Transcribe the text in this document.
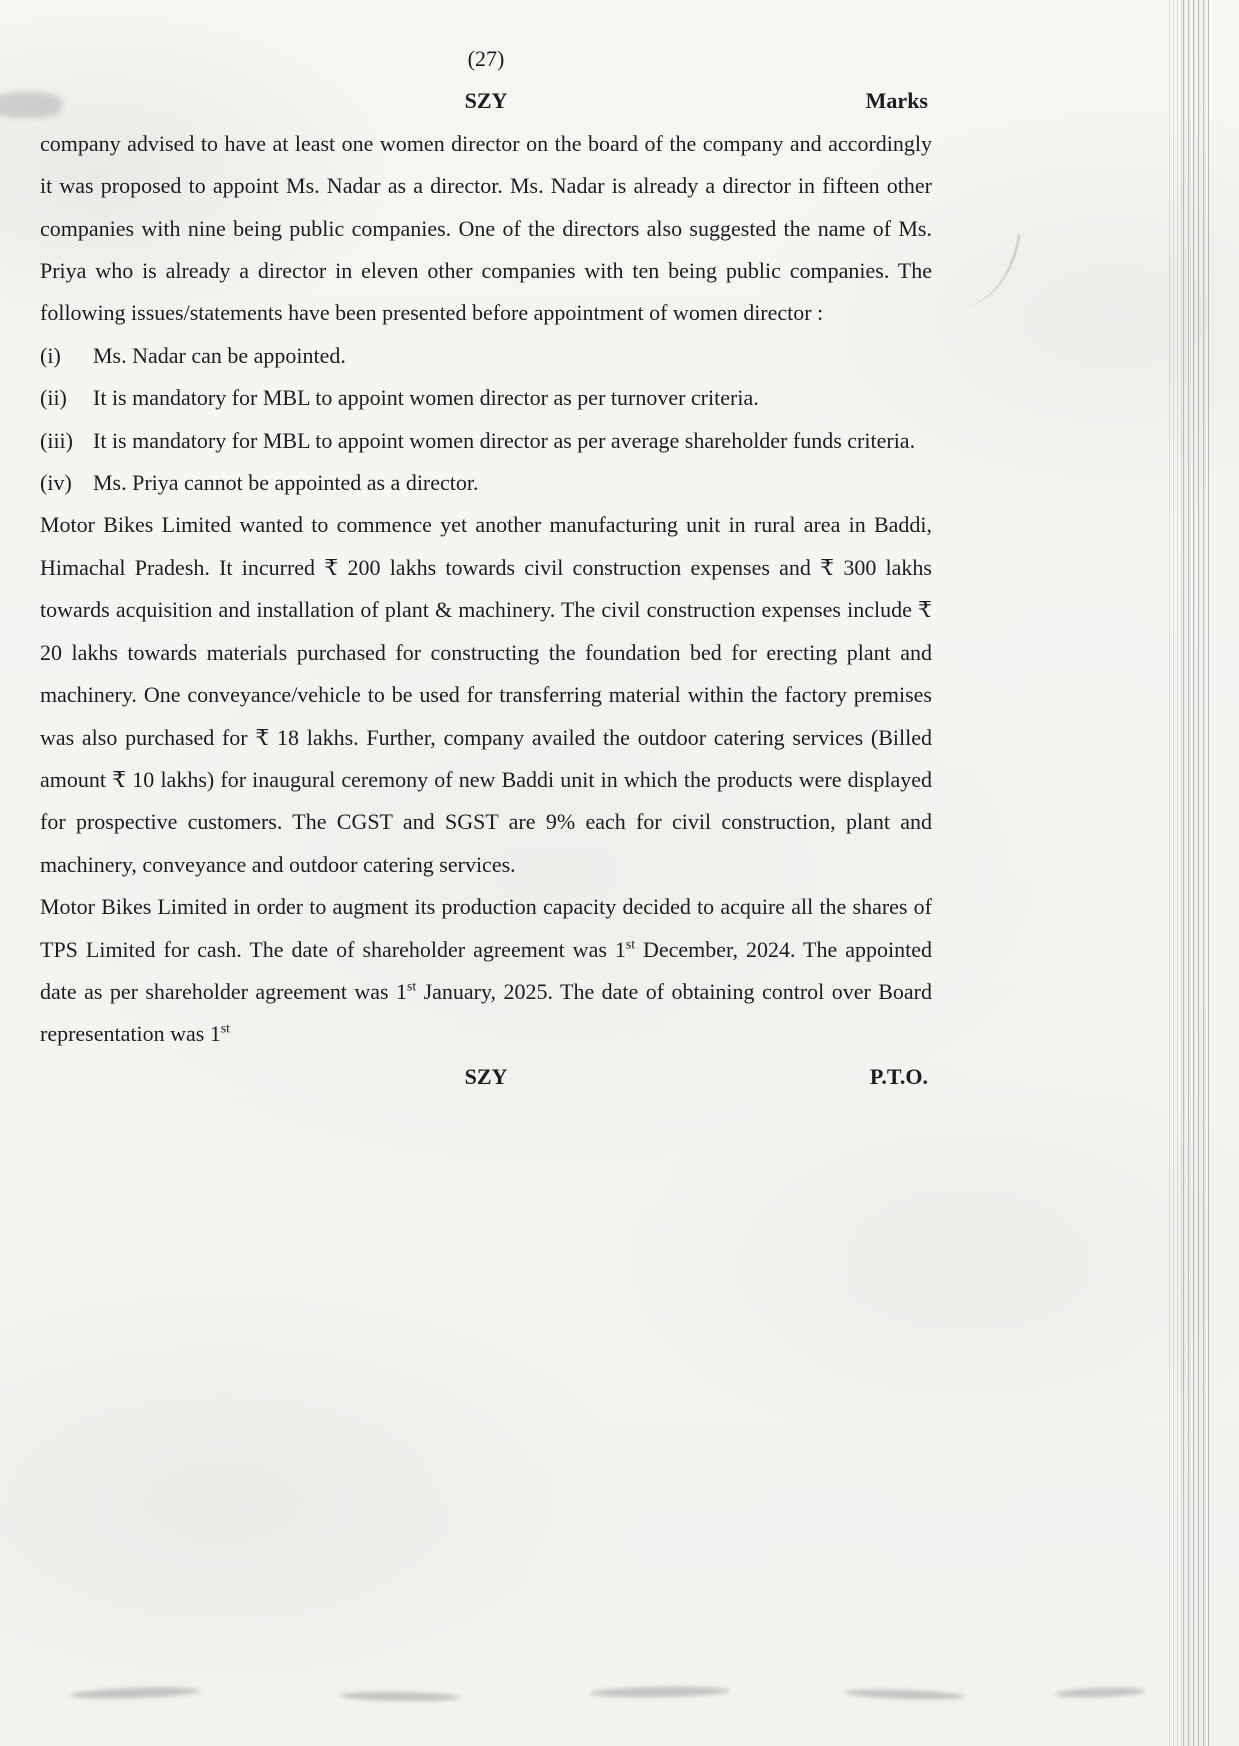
(27)
SZY	Marks

company advised to have at least one women director on the board of the company and accordingly it was proposed to appoint Ms. Nadar as a director. Ms. Nadar is already a director in fifteen other companies with nine being public companies. One of the directors also suggested the name of Ms. Priya who is already a director in eleven other companies with ten being public companies. The following issues/statements have been presented before appointment of women director :

(i)	Ms. Nadar can be appointed.
(ii)	It is mandatory for MBL to appoint women director as per turnover criteria.
(iii) It is mandatory for MBL to appoint women director as per average shareholder funds criteria.
(iv) Ms. Priya cannot be appointed as a director.

Motor Bikes Limited wanted to commence yet another manufacturing unit in rural area in Baddi, Himachal Pradesh. It incurred ₹ 200 lakhs towards civil construction expenses and ₹ 300 lakhs towards acquisition and installation of plant & machinery. The civil construction expenses include ₹ 20 lakhs towards materials purchased for constructing the foundation bed for erecting plant and machinery. One conveyance/vehicle to be used for transferring material within the factory premises was also purchased for ₹ 18 lakhs. Further, company availed the outdoor catering services (Billed amount ₹ 10 lakhs) for inaugural ceremony of new Baddi unit in which the products were displayed for prospective customers. The CGST and SGST are 9% each for civil construction, plant and machinery, conveyance and outdoor catering services.

Motor Bikes Limited in order to augment its production capacity decided to acquire all the shares of TPS Limited for cash. The date of shareholder agreement was 1st December, 2024. The appointed date as per shareholder agreement was 1st January, 2025. The date of obtaining control over Board representation was 1st

SZY	P.T.O.
